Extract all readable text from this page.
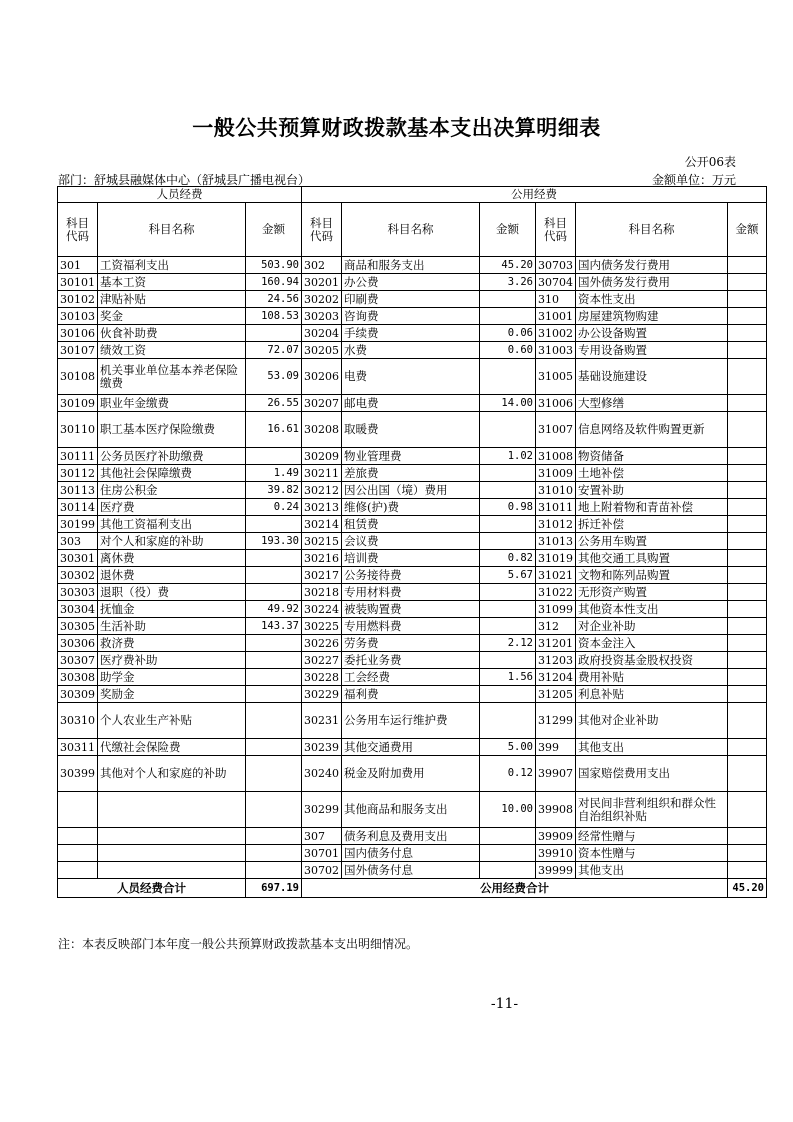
一般公共预算财政拨款基本支出决算明细表
公开06表
部门：舒城县融媒体中心（舒城县广播电视台）	金额单位：万元
人员经费			公用经费					
科目
代码	科目名称	金额	科目
代码	科目名称	金额	科目
代码	科目名称	金额
301	工资福利支出	503.90	302	商品和服务支出	45.20	30703	国内债务发行费用	
30101	基本工资	160.94	30201	办公费	3.26	30704	国外债务发行费用	
30102	津贴补贴	24.56	30202	印刷费		310	资本性支出	
30103	奖金	108.53	30203	咨询费		31001	房屋建筑物购建	
30106	伙食补助费		30204	手续费	0.06	31002	办公设备购置	
30107	绩效工资	72.07	30205	水费	0.60	31003	专用设备购置	
30108	机关事业单位基本养老保险缴费	53.09	30206	电费		31005	基础设施建设	
30109	职业年金缴费	26.55	30207	邮电费	14.00	31006	大型修缮	
30110	职工基本医疗保险缴费	16.61	30208	取暖费		31007	信息网络及软件购置更新	
30111	公务员医疗补助缴费		30209	物业管理费	1.02	31008	物资储备	
30112	其他社会保障缴费	1.49	30211	差旅费		31009	土地补偿	
30113	住房公积金	39.82	30212	因公出国（境）费用		31010	安置补助	
30114	医疗费	0.24	30213	维修(护)费	0.98	31011	地上附着物和青苗补偿	
30199	其他工资福利支出		30214	租赁费		31012	拆迁补偿	
303	对个人和家庭的补助	193.30	30215	会议费		31013	公务用车购置	
30301	离休费		30216	培训费	0.82	31019	其他交通工具购置	
30302	退休费		30217	公务接待费	5.67	31021	文物和陈列品购置	
30303	退职（役）费		30218	专用材料费		31022	无形资产购置	
30304	抚恤金	49.92	30224	被装购置费		31099	其他资本性支出	
30305	生活补助	143.37	30225	专用燃料费		312	对企业补助	
30306	救济费		30226	劳务费	2.12	31201	资本金注入	
30307	医疗费补助		30227	委托业务费		31203	政府投资基金股权投资	
30308	助学金		30228	工会经费	1.56	31204	费用补贴	
30309	奖励金		30229	福利费		31205	利息补贴	
30310	个人农业生产补贴		30231	公务用车运行维护费		31299	其他对企业补助	
30311	代缴社会保险费		30239	其他交通费用	5.00	399	其他支出	
30399	其他对个人和家庭的补助		30240	税金及附加费用	0.12	39907	国家赔偿费用支出	
			30299	其他商品和服务支出	10.00	39908	对民间非营利组织和群众性自治组织补贴	
			307	债务利息及费用支出		39909	经常性赠与	
			30701	国内债务付息		39910	资本性赠与	
			30702	国外债务付息		39999	其他支出	
人员经费合计		697.19	公用经费合计					45.20
注：本表反映部门本年度一般公共预算财政拨款基本支出明细情况。
-11-
